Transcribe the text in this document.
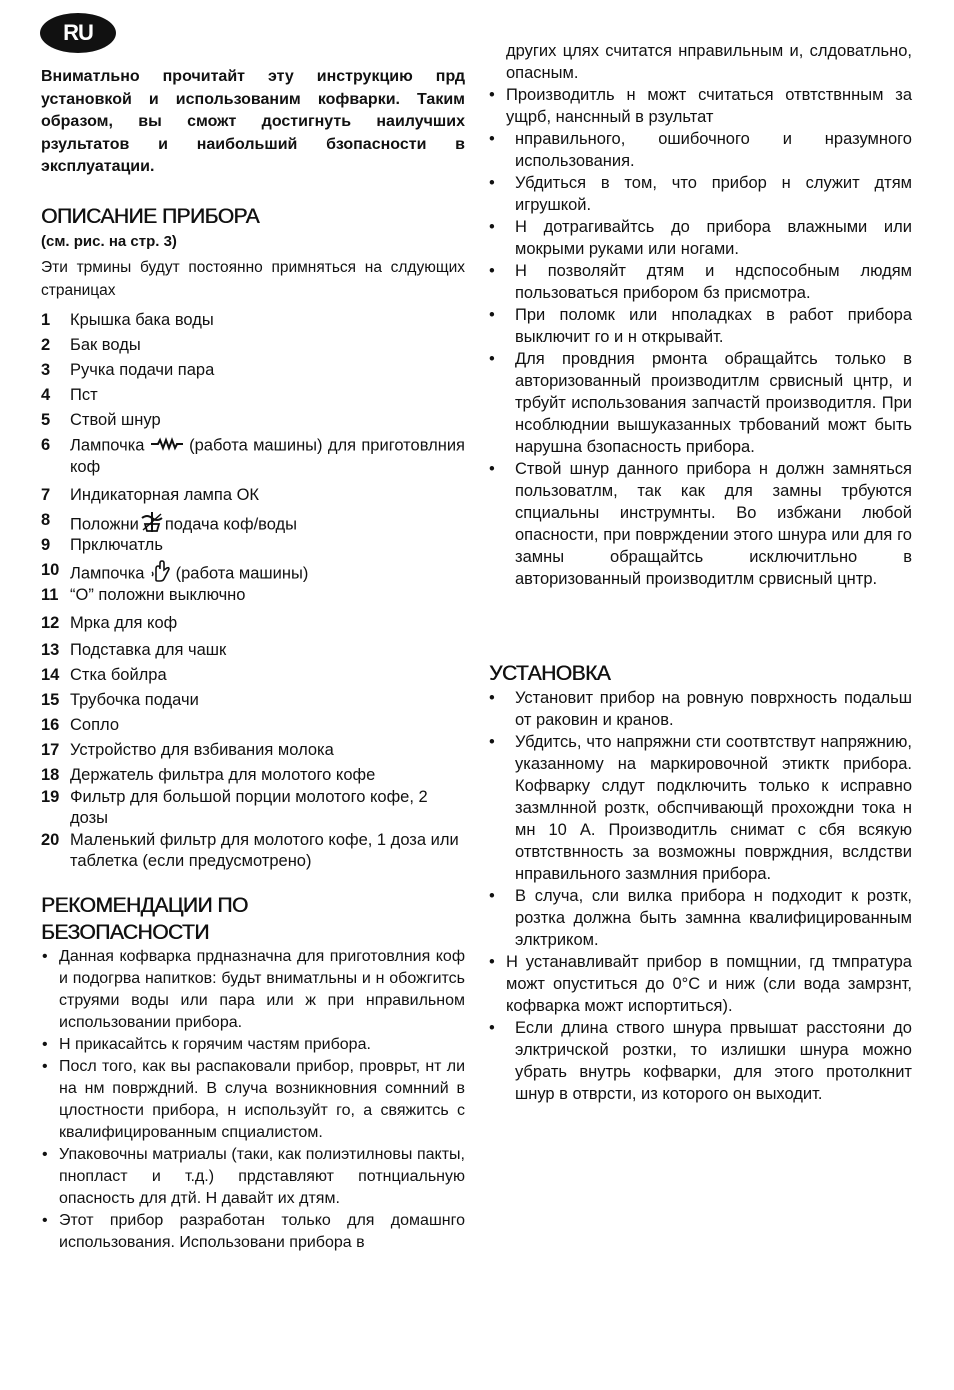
RU
Вниматльно прочитайт эту инструкцию прд установкой и использованим кофварки. Таким образом, вы сможт достигнуть наилучших рзультатов и наибольший бзопасности в эксплуатации.
ОПИСАНИЕ ПРИБОРА
(см. рис. на стр. 3)
Эти трмины будут постоянно примняться на слдующих страницах
1 Крышка бака воды
2 Бак воды
3 Ручка подачи пара
4 Пст
5 Ствой шнур
6 Лампочка	(работа машины) для приготовлния коф
7 Индикаторная лампа ОК
8 Положни подача коф/воды
9 Прключатль
10 Лампочка (работа машины)
11 “О” положни выключно
12 Мрка для коф
13 Подставка для чашк
14 Стка бойлра
15 Трубочка подачи
16 Сопло
17 Устройство для взбивания молока
18 Держатель фильтра для молотого кофе
19 Фильтр для большой порции молотого кофе, 2 дозы
20 Маленький фильтр для молотого кофе, 1 доза или таблетка (если предусмотрено)
РЕКОМЕНДАЦИИ ПО
БЕЗОПАСНОСТИ
• Данная кофварка прдназначна для приготовлния коф и подогрва напитков: будьт вниматльны и н обожгитсь струями воды или пара или ж при нправильном использовании прибора.
• Н прикасайтсь к горячим частям прибора.
• Посл того, как вы распаковали прибор, проврьт, нт ли на нм поврждний. В случа возникновния сомнний в цлостности прибора, н используйт го, а свяжитсь с квалифицированным спциалистом.
• Упаковочны матриалы (таки, как полиэтилновы пакты, пнопласт и т.д.) прдставляют потнциальную опасность для дтй. Н давайт их дтям.
• Этот прибор разработан только для домашнго использования. Использовани прибора в
других цлях считатся нправильным и, слдоватльно, опасным.
• Производитль н можт считаться отвтствнным за ущрб, нанснный в рзультат
• нправильного, ошибочного и нразумного использования.
• Убдиться в том, что прибор н служит дтям игрушкой.
• Н дотрагивайтсь до прибора влажными или мокрыми руками или ногами.
• Н позволяйт дтям и ндспособным людям пользоваться прибором бз присмотра.
• При поломк или нполадках в работ прибора выключит го и н открывайт.
• Для провдния рмонта обращайтсь только в авторизованный производитлм срвисный цнтр, и трбуйт использования запчастй производитля. При нсоблюднии вышуказанных трбований можт быть нарушна бзопасность прибора.
• Ствой шнур данного прибора н должн замняться пользоватлм, так как для замны трбуются спциальны инструмнты. Во избжани любой опасности, при поврждении этого шнура или для го замны обращайтсь исключитльно в авторизованный производитлм срвисный цнтр.
УСТАНОВКА
• Установит прибор на ровную поврхность подальш от раковин и кранов.
• Убдитсь, что напряжни сти соотвтствут напряжнию, указанному на маркировочной этиктк прибора. Кофварку слдут подключить только к исправно зазмлнной розтк, обспчивающй прохождни тока н мн 10 А. Производитль снимат с сбя всякую отвтствнность за возможны поврждния, вслдстви нправильного зазмлния прибора.
• В случа, сли вилка прибора н подходит к розтк, розтка должна быть замнна квалифицированным элктриком.
• Н устанавливайт прибор в помщнии, гд тмпратура можт опуститься до 0°С и ниж (сли вода замрзнт, кофварка можт испортиться).
• Если длина ствого шнура првышат расстояни до элктричской розтки, то излишки шнура можно убрать внутрь кофварки, для этого протолкнит шнур в отврсти, из которого он выходит.
